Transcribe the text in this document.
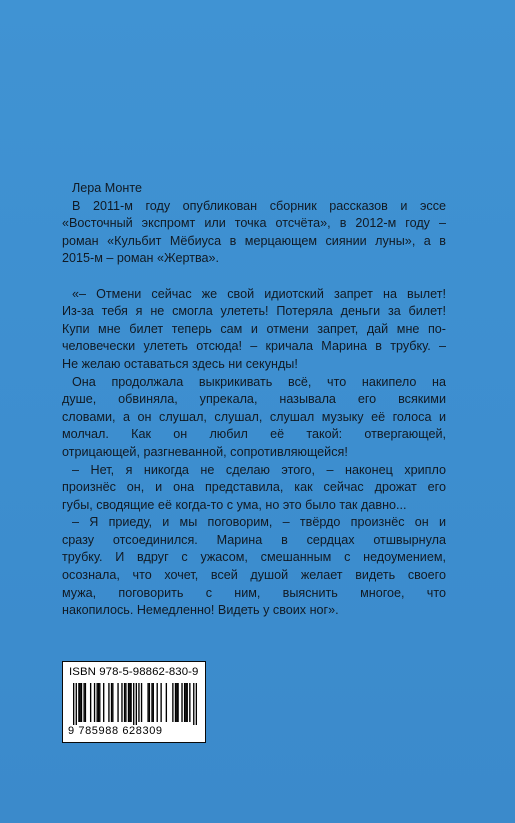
Лера Монте
В 2011-м году опубликован сборник рассказов и эссе
«Восточный экспромт или точка отсчёта», в 2012-м году –
роман «Кульбит Мёбиуса в мерцающем сиянии луны», а в
2015-м – роман «Жертва».
«– Отмени сейчас же свой идиотский запрет на вылет!
Из-за тебя я не смогла улететь! Потеряла деньги за билет!
Купи мне билет теперь сам и отмени запрет, дай мне по-
человечески улететь отсюда! – кричала Марина в трубку. –
Не желаю оставаться здесь ни секунды!
Она продолжала выкрикивать всё, что накипело на
душе, обвиняла, упрекала, называла его всякими
словами, а он слушал, слушал, слушал музыку её голоса и
молчал. Как он любил её такой: отвергающей,
отрицающей, разгневанной, сопротивляющейся!
– Нет, я никогда не сделаю этого, – наконец хрипло
произнёс он, и она представила, как сейчас дрожат его
губы, сводящие её когда-то с ума, но это было так давно...
– Я приеду, и мы поговорим, – твёрдо произнёс он и
сразу отсоединился. Марина в сердцах отшвырнула
трубку. И вдруг с ужасом, смешанным с недоумением,
осознала, что хочет, всей душой желает видеть своего
мужа, поговорить с ним, выяснить многое, что
накопилось. Немедленно! Видеть у своих ног».
ISBN 978-5-98862-830-9
9 785988 628309
